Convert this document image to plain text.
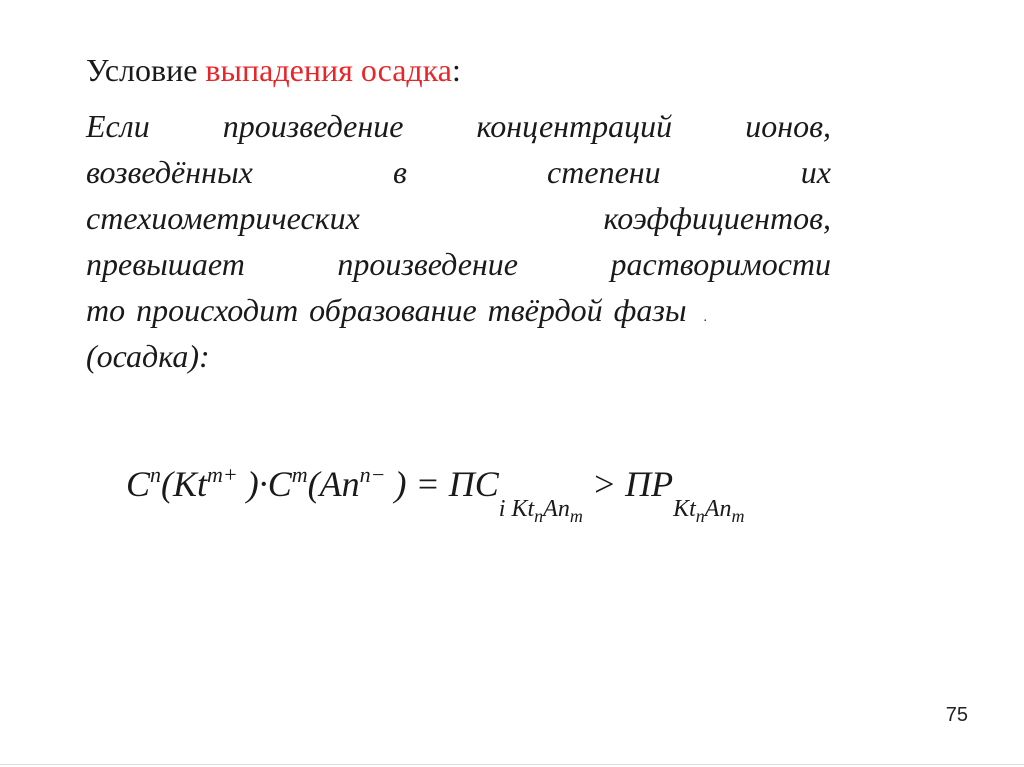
Условие выпадения осадка:
Если произведение концентраций ионов,
возведённых	в	степени	их
стехиометрических	коэффициентов,
превышает	произведение	растворимости
то происходит образование твёрдой фазы .
(осадка):
$C^n(Kt^{m+}$ )$\cdot C^m(An^{n-}$ ) = $ПC_i$ $_{KtnAnm} > ПР_{KtnAnm}$
75
